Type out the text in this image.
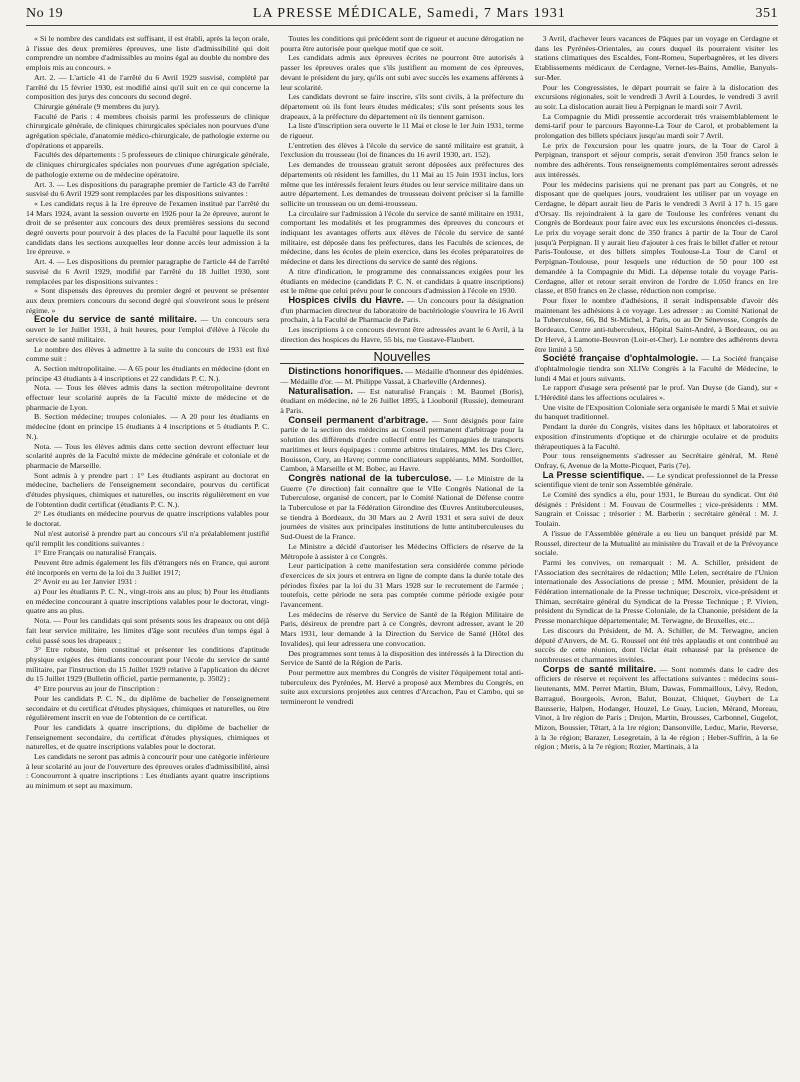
No 19	LA PRESSE MÉDICALE, Samedi, 7 Mars 1931	351

« Si le nombre des candidats est suffisant, il est établi, après la leçon orale, à l'issue des deux premières épreuves, une liste d'admissibilité qui doit comprendre un nombre d'admissibles au moins égal au double du nombre des emplois mis au concours. »

Art. 2. — L'article 41 de l'arrêté du 6 Avril 1929 susvisé, complété par l'arrêté du 15 février 1930, est modifié ainsi qu'il suit en ce qui concerne la composition des jurys des concours du second degré.

Chirurgie générale (9 membres du jury).

Faculté de Paris : 4 membres choisis parmi les professeurs de clinique chirurgicale générale, de cliniques chirurgicales spéciales non pourvues d'une agrégation spéciale, d'anatomie médico-chirurgicale, de pathologie externe ou d'opérations et appareils.

Facultés des départements : 5 professeurs de clinique chirurgicale générale, de cliniques chirurgicales spéciales non pourvues d'une agrégation spéciale, de pathologie externe ou de médecine opératoire.

Art. 3. — Les dispositions du paragraphe premier de l'article 43 de l'arrêté susvisé du 6 Avril 1929 sont remplacées par les dispositions suivantes :

« Les candidats reçus à la 1re épreuve de l'examen institué par l'arrêté du 14 Mars 1924, avant la session ouverte en 1926 pour la 2e épreuve, auront le droit de se présenter aux concours des deux premières sessions du second degré ouverts pour pourvoir à des places de la Faculté pour laquelle ils sont candidats dans les sections auxquelles leur donne accès leur admission à la 1re épreuve. »

Art. 4. — Les dispositions du premier paragraphe de l'article 44 de l'arrêté susvisé du 6 Avril 1929, modifié par l'arrêté du 18 Juillet 1930, sont remplacées par les dispositions suivantes :

« Sont dispensés des épreuves du premier degré et peuvent se présenter aux deux premiers concours du second degré qui s'ouvriront sous le présent régime. »

Ecole du service de santé militaire. — Un concours sera ouvert le 1er Juillet 1931, à huit heures, pour l'emploi d'élève à l'école du service de santé militaire.

Le nombre des élèves à admettre à la suite du concours de 1931 est fixé comme suit :

A. Section métropolitaine. — A 65 pour les étudiants en médecine (dont en principe 43 étudiants à 4 inscriptions et 22 candidats P. C. N.).

Nota. — Tous les élèves admis dans la section métropolitaine devront effectuer leur scolarité auprès de la Faculté mixte de médecine et de pharmacie de Lyon.

B. Section médecine; troupes coloniales. — A 20 pour les étudiants en médecine (dont en principe 15 étudiants à 4 inscriptions et 5 étudiants P. C. N.).

Nota. — Tous les élèves admis dans cette section devront effectuer leur scolarité auprès de la Faculté mixte de médecine générale et coloniale et de pharmacie de Marseille.

Sont admis à y prendre part : 1° Les étudiants aspirant au doctorat en médecine, bacheliers de l'enseignement secondaire, pourvus du certificat d'études physiques, chimiques et naturelles, ou inscrits régulièrement en vue de l'obtention dudit certificat (étudiants P. C. N.).

2° Les étudiants en médecine pourvus de quatre inscriptions valables pour le doctorat.

Nul n'est autorisé à prendre part au concours s'il n'a préalablement justifié qu'il remplit les conditions suivantes :

1° Etre Français ou naturalisé Français.

Peuvent être admis également les fils d'étrangers nés en France, qui auront été incorporés en vertu de la loi du 3 Juillet 1917;

2° Avoir eu au 1er Janvier 1931 :

a) Pour les étudiants P. C. N., vingt-trois ans au plus; b) Pour les étudiants en médecine concourant à quatre inscriptions valables pour le doctorat, vingt-quatre ans au plus.

Nota. — Pour les candidats qui sont présents sous les drapeaux ou ont déjà fait leur service militaire, les limites d'âge sont reculées d'un temps égal à celui passé sous les drapeaux ;

3° Etre robuste, bien constitué et présenter les conditions d'aptitude physique exigées des étudiants concourant pour l'école du service de santé militaire, par l'instruction du 15 Juillet 1929 relative à l'application du décret du 15 Juillet 1929 (Bulletin officiel, partie permanente, p. 3502) ;

4° Etre pourvus au jour de l'inscription :

Pour les candidats P. C. N., du diplôme de bachelier de l'enseignement secondaire et du certificat d'études physiques, chimiques et naturelles, ou être régulièrement inscrit en vue de l'obtention de ce certificat.

Pour les candidats à quatre inscriptions, du diplôme de bachelier de l'enseignement secondaire, du certificat d'études physiques, chimiques et naturelles, et de quatre inscriptions valables pour le doctorat.

Les candidats ne seront pas admis à concourir pour une catégorie inférieure à leur scolarité au jour de l'ouverture des épreuves orales d'admissibilité, ainsi : Concourront à quatre inscriptions : Les étudiants ayant quatre inscriptions au minimum et sept au maximum.

Toutes les conditions qui précèdent sont de rigueur et aucune dérogation ne pourra être autorisée pour quelque motif que ce soit.

Les candidats admis aux épreuves écrites ne pourront être autorisés à passer les épreuves orales que s'ils justifient au moment de ces épreuves, devant le président du jury, qu'ils ont subi avec succès les examens afférents à leur scolarité.

Les candidats devront se faire inscrire, s'ils sont civils, à la préfecture du département où ils font leurs études médicales; s'ils sont présents sous les drapeaux, à la préfecture du département où ils tiennent garnison.

La liste d'inscription sera ouverte le 11 Mai et close le 1er Juin 1931, terme de rigueur.

L'entretien des élèves à l'école du service de santé militaire est gratuit, à l'exclusion du trousseau (loi de finances du 16 avril 1930, art. 152).

Les demandes de trousseau gratuit seront déposées aux préfectures des départements où résident les familles, du 11 Mai au 15 Juin 1931 inclus, lors même que les intéressés feraient leurs études ou leur service militaire dans un autre département. Les demandes de trousseau doivent préciser si la famille sollicite un trousseau ou un demi-trousseau.

La circulaire sur l'admission à l'école du service de santé militaire en 1931, comportant les modalités et les programmes des épreuves du concours et indiquant les avantages offerts aux élèves de l'école du service de santé militaire, est déposée dans les préfectures, dans les Facultés de sciences, de médecine, dans les écoles de plein exercice, dans les écoles préparatoires de médecine et dans les directions du service de santé des régions.

A titre d'indication, le programme des connaissances exigées pour les étudiants en médecine (candidats P. C. N. et candidats à quatre inscriptions) est le même que celui prévu pour le concours d'admission à l'école en 1930.

Hospices civils du Havre. — Un concours pour la désignation d'un pharmacien directeur du laboratoire de bactériologie s'ouvrira le 16 Avril prochain, à la Faculté de Pharmacie de Paris.

Les inscriptions à ce concours devront être adressées avant le 6 Avril, à la direction des hospices du Havre, 55 bis, rue Gustave-Flaubert.

Nouvelles

Distinctions honorifiques. — Médaille d'honneur des épidémies. — Médaille d'or. — M. Philippe Vassal, à Charleville (Ardennes).

Naturalisation. — Est naturalisé Français : M. Baumel (Boris), étudiant en médecine, né le 26 Juillet 1895, à Lioubonil (Russie), demeurant à Paris.

Conseil permanent d'arbitrage. — Sont désignés pour faire partie de la section des médecins au Conseil permanent d'arbitrage pour la solution des différends d'ordre collectif entre les Compagnies de transports maritimes et leurs équipages : comme arbitres titulaires, MM. les Drs Clerc, Bouisson, Cury, au Havre; comme conciliateurs suppléants, MM. Sordoillet, Cambon, à Marseille et M. Bobec, au Havre.

Congrès national de la tuberculose. — Le Ministre de la Guerre (7e direction) fait connaître que le VIIe Congrès National de la Tuberculose, organisé de concert, par le Comité National de Défense contre la Tuberculose et par la Fédération Girondine des Œuvres Antituberculeuses, se tiendra à Bordeaux, du 30 Mars au 2 Avril 1931 et sera suivi de deux journées de visites aux principales institutions de lutte antituberculeuses du Sud-Ouest de la France.

Le Ministre a décidé d'autoriser les Médecins Officiers de réserve de la Métropole à assister à ce Congrès.

Leur participation à cette manifestation sera considérée comme période d'exercices de six jours et entrera en ligne de compte dans la durée totale des périodes fixées par la loi du 31 Mars 1928 sur le recrutement de l'armée ; toutefois, cette période ne sera pas comptée comme période exigée pour l'avancement.

Les médecins de réserve du Service de Santé de la Région Militaire de Paris, désireux de prendre part à ce Congrès, devront adresser, avant le 20 Mars 1931, leur demande à la Direction du Service de Santé (Hôtel des Invalides), qui leur adressera une convocation.

Des programmes sont tenus à la disposition des intéressés à la Direction du Service de Santé de la Région de Paris.

Pour permettre aux membres du Congrès de visiter l'équipement total anti-tuberculeux des Pyrénées, M. Hervé a proposé aux Membres du Congrès, en suite aux excursions projetées aux centres d'Arcachon, Pau et Cambo, qui se termineront le vendredi

3 Avril, d'achever leurs vacances de Pâques par un voyage en Cerdagne et dans les Pyrénées-Orientales, au cours duquel ils pourraient visiter les stations climatiques des Escaldes, Font-Romeu, Superbagnères, et les divers Etablissements médicaux de Cerdagne, Vernet-les-Bains, Amélie, Banyuls-sur-Mer.

Pour les Congressistes, le départ pourrait se faire à la dislocation des excursions régionales, soit le vendredi 3 Avril à Lourdes, le vendredi 3 avril au soir. La dislocation aurait lieu à Perpignan le mardi soir 7 Avril.

La Compagnie du Midi pressentie accorderait très vraisemblablement le demi-tarif pour le parcours Bayonne-La Tour de Carol, et probablement la prolongation des billets spéciaux jusqu'au mardi soir 7 Avril.

Le prix de l'excursion pour les quatre jours, de la Tour de Carol à Perpignan, transport et séjour compris, serait d'environ 350 francs selon le nombre des adhérents. Tous renseignements complémentaires seront adressés aux intéressés.

Pour les médecins parisiens qui ne prenant pas part au Congrès, et ne disposant que de quelques jours, voudraient les utiliser par un voyage en Cerdagne, le départ aurait lieu de Paris le vendredi 3 Avril à 17 h. 15 gare d'Orsay. Ils rejoindraient à la gare de Toulouse les confrères venant du Congrès de Bordeaux pour faire avec eux les excursions énoncées ci-dessus. Le prix du voyage serait donc de 350 francs à partir de la Tour de Carol jusqu'à Perpignan. Il y aurait lieu d'ajouter à ces frais le billet d'aller et retour Paris-Toulouse, et des billets simples Toulouse-La Tour de Carol et Perpignan-Toulouse, pour lesquels une réduction de 50 pour 100 est demandée à la Compagnie du Midi. La dépense totale du voyage Paris-Cerdagne, aller et retour serait environ de l'ordre de 1.050 francs en 1re classe, et 850 francs en 2e classe, réduction non comprise.

Pour fixer le nombre d'adhésions, il serait indispensable d'avoir dès maintenant les adhésions à ce voyage. Les adresser : au Comité National de la Tuberculose, 66, Bd St-Michel, à Paris, ou au Dr Sénevosse, Congrès de Bordeaux, Centre anti-tuberculeux, Hôpital Saint-André, à Bordeaux, ou au Dr Hervé, à Lamotte-Beuvron (Loir-et-Cher). Le nombre des adhérents devra être limité à 50.

Société française d'ophtalmologie. — La Société française d'ophtalmologie tiendra son XLIVe Congrès à la Faculté de Médecine, le lundi 4 Mai et jours suivants.

Le rapport d'usage sera présenté par le prof. Van Duyse (de Gand), sur « L'Hérédité dans les affections oculaires ».

Une visite de l'Exposition Coloniale sera organisée le mardi 5 Mai et suivie du banquet traditionnel.

Pendant la durée du Congrès, visites dans les hôpitaux et laboratoires et exposition d'instruments d'optique et de chirurgie oculaire et de produits thérapeutiques à la Faculté.

Pour tous renseignements s'adresser au Secrétaire général, M. René Onfray, 6, Avenue de la Motte-Picquet, Paris (7e).

La Presse scientifique. — Le syndicat professionnel de la Presse scientifique vient de tenir son Assemblée générale.

Le Comité des syndics a élu, pour 1931, le Bureau du syndicat. Ont été désignés : Président : M. Fouvau de Courmelles ; vice-présidents : MM. Saugrain et Coissac ; trésorier : M. Barberin ; secrétaire général : M. J. Toulain.

A l'issue de l'Assemblée générale a eu lieu un banquet présidé par M. Roussel, directeur de la Mutualité au ministère du Travail et de la Prévoyance sociale.

Parmi les convives, on remarquait : M. A. Schiller, président de l'Association des secrétaires de rédaction; Mlle Lelen, secrétaire de l'Union internationale des Associations de presse ; MM. Mounier, président de la Fédération internationale de la Presse technique; Descroix, vice-président et Thiman, secrétaire général du Syndicat de la Presse Technique ; P. Vivien, président du Syndicat de la Presse Coloniale, de la Chanonie, président de la Presse monarchique départementale; M. Terwagne, de Bruxelles, etc...

Les discours du Président, de M. A. Schiller, de M. Terwagne, ancien député d'Anvers, de M. G. Roussel ont été très applaudis et ont contribué au succès de cette réunion, dont l'éclat était rehaussé par la présence de nombreuses et charmantes invitées.

Corps de santé militaire. — Sont nommés dans le cadre des officiers de réserve et reçoivent les affectations suivantes : médecins sous-lieutenants, MM. Perret Martin, Blum, Dawas, Fommailloux, Lévy, Redon, Barragué, Bourgeois, Avron, Balut, Bouzat, Chiquet, Guybert de La Bausserie, Halpen, Hodanger, Houzel, Le Guay, Lucien, Mérand, Moreau, Vinot, à Ire région de Paris ; Drujon, Martin, Brousses, Carbonnel, Gugelot, Mizon, Boussier, Têtart, à la 1re région; Dansonville, Leduc, Marie, Reverse, à la 3e région; Barazer, Lesegretain, à la 4e région ; Heber-Suffrin, à la 6e région ; Meris, à la 7e région; Rozier, Martinais, à la
